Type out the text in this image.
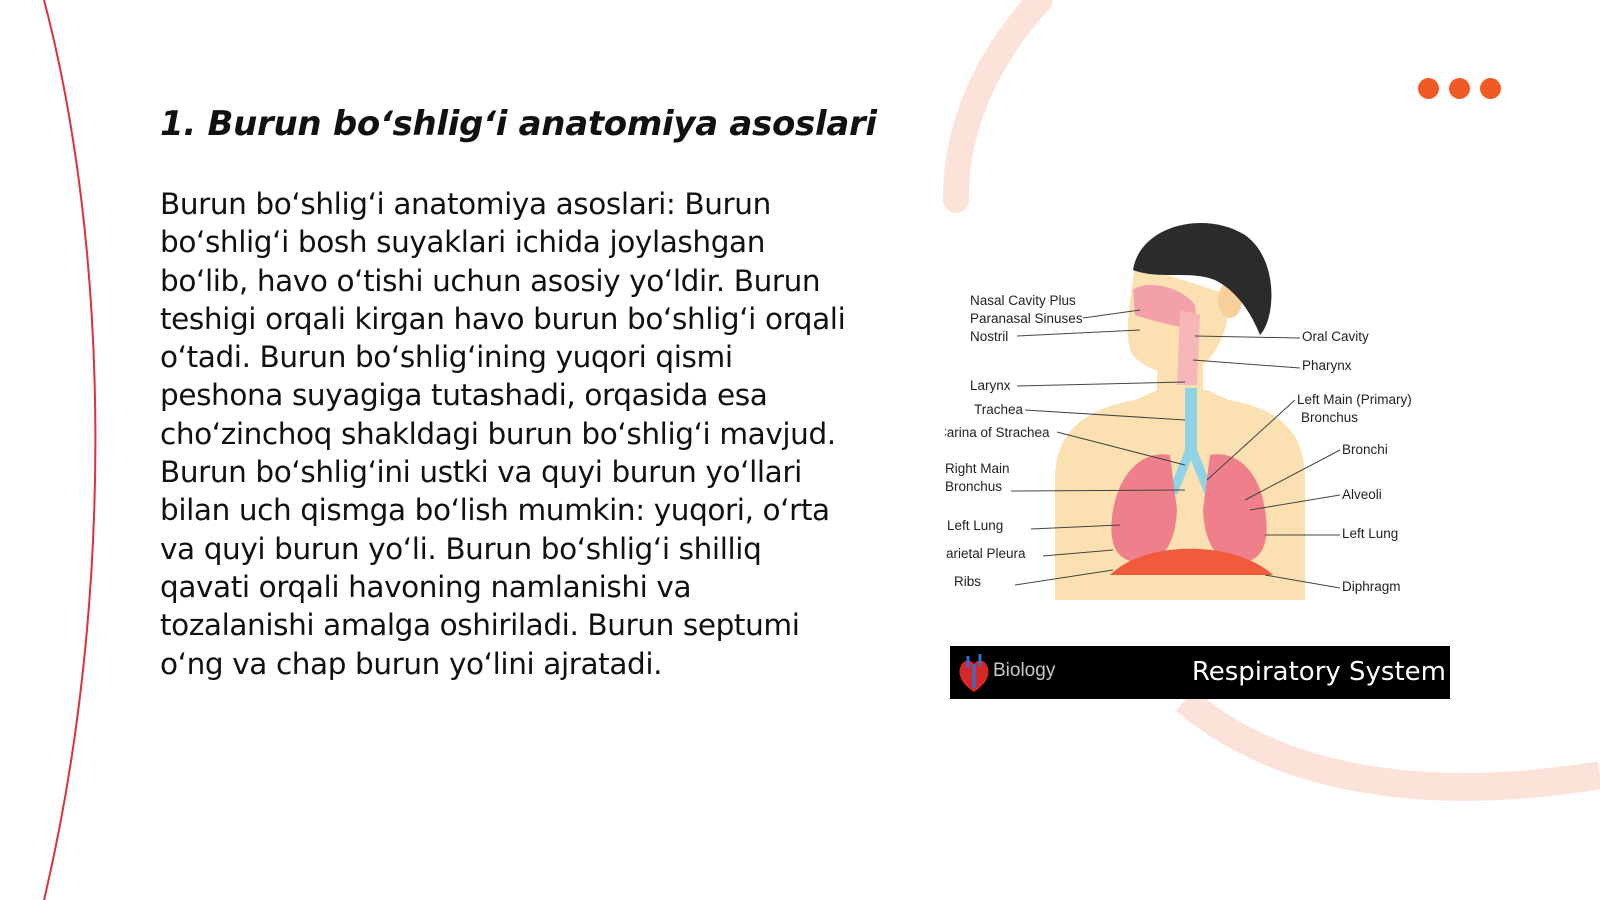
1. Burun bo‘shlig‘i anatomiya asoslari

Burun bo‘shlig‘i anatomiya asoslari: Burun bo‘shlig‘i bosh suyaklari ichida joylashgan bo‘lib, havo o‘tishi uchun asosiy yo‘ldir. Burun teshigi orqali kirgan havo burun bo‘shlig‘i orqali o‘tadi. Burun bo‘shlig‘ining yuqori qismi peshona suyagiga tutashadi, orqasida esa cho‘zinchoq shakldagi burun bo‘shlig‘i mavjud. Burun bo‘shlig‘ini ustki va quyi burun yo‘llari bilan uch qismga bo‘lish mumkin: yuqori, o‘rta va quyi burun yo‘li. Burun bo‘shlig‘i shilliq qavati orqali havoning namlanishi va tozalanishi amalga oshiriladi. Burun septumi o‘ng va chap burun yo‘lini ajratadi.

Nasal Cavity Plus
Paranasal Sinuses
Nostril
Larynx
Trachea
Carina of Strachea
Right Main
Bronchus
Left Lung
Parietal Pleura
Ribs
Oral Cavity
Pharynx
Left Main (Primary)
Bronchus
Bronchi
Alveoli
Left Lung
Diphragm
Biology	Respiratory System
